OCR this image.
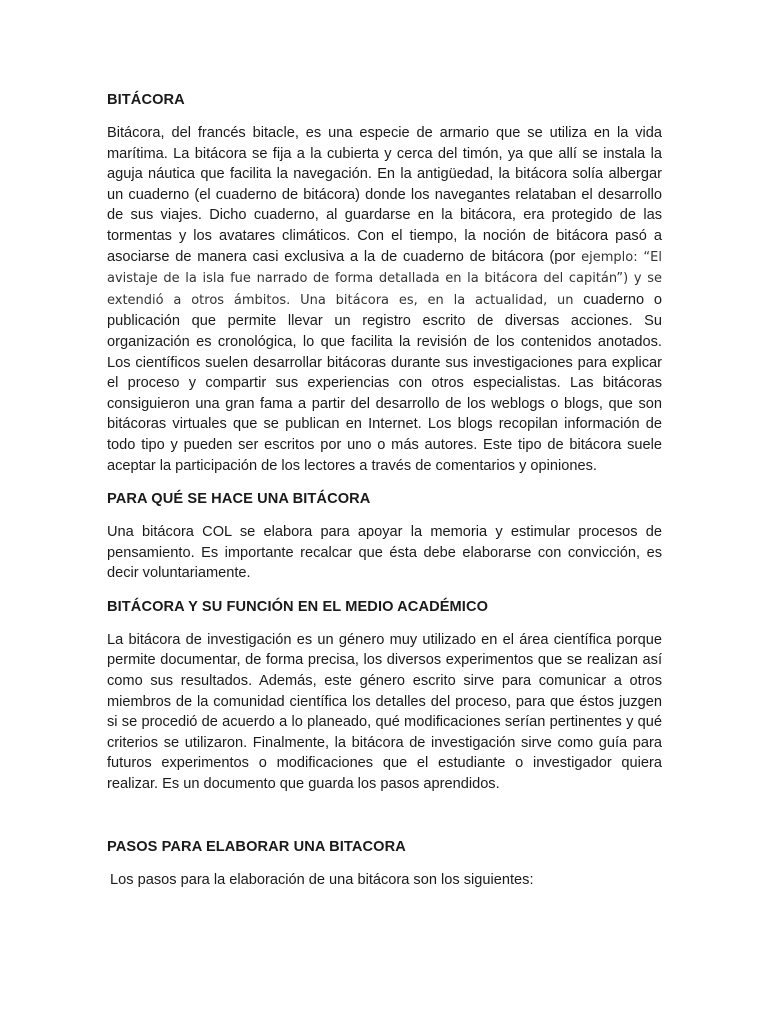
BITÁCORA

Bitácora, del francés bitacle, es una especie de armario que se utiliza en la vida marítima. La bitácora se fija a la cubierta y cerca del timón, ya que allí se instala la aguja náutica que facilita la navegación. En la antigüedad, la bitácora solía albergar un cuaderno (el cuaderno de bitácora) donde los navegantes relataban el desarrollo de sus viajes. Dicho cuaderno, al guardarse en la bitácora, era protegido de las tormentas y los avatares climáticos. Con el tiempo, la noción de bitácora pasó a asociarse de manera casi exclusiva a la de cuaderno de bitácora (por ejemplo: “El avistaje de la isla fue narrado de forma detallada en la bitácora del capitán”) y se extendió a otros ámbitos. Una bitácora es, en la actualidad, un cuaderno o publicación que permite llevar un registro escrito de diversas acciones. Su organización es cronológica, lo que facilita la revisión de los contenidos anotados. Los científicos suelen desarrollar bitácoras durante sus investigaciones para explicar el proceso y compartir sus experiencias con otros especialistas. Las bitácoras consiguieron una gran fama a partir del desarrollo de los weblogs o blogs, que son bitácoras virtuales que se publican en Internet. Los blogs recopilan información de todo tipo y pueden ser escritos por uno o más autores. Este tipo de bitácora suele aceptar la participación de los lectores a través de comentarios y opiniones.

PARA QUÉ SE HACE UNA BITÁCORA

Una bitácora COL se elabora para apoyar la memoria y estimular procesos de pensamiento. Es importante recalcar que ésta debe elaborarse con convicción, es decir voluntariamente.

BITÁCORA Y SU FUNCIÓN EN EL MEDIO ACADÉMICO

La bitácora de investigación es un género muy utilizado en el área científica porque permite documentar, de forma precisa, los diversos experimentos que se realizan así como sus resultados. Además, este género escrito sirve para comunicar a otros miembros de la comunidad científica los detalles del proceso, para que éstos juzgen si se procedió de acuerdo a lo planeado, qué modificaciones serían pertinentes y qué criterios se utilizaron. Finalmente, la bitácora de investigación sirve como guía para futuros experimentos o modificaciones que el estudiante o investigador quiera realizar. Es un documento que guarda los pasos aprendidos.

PASOS PARA ELABORAR UNA BITACORA

Los pasos para la elaboración de una bitácora son los siguientes:
